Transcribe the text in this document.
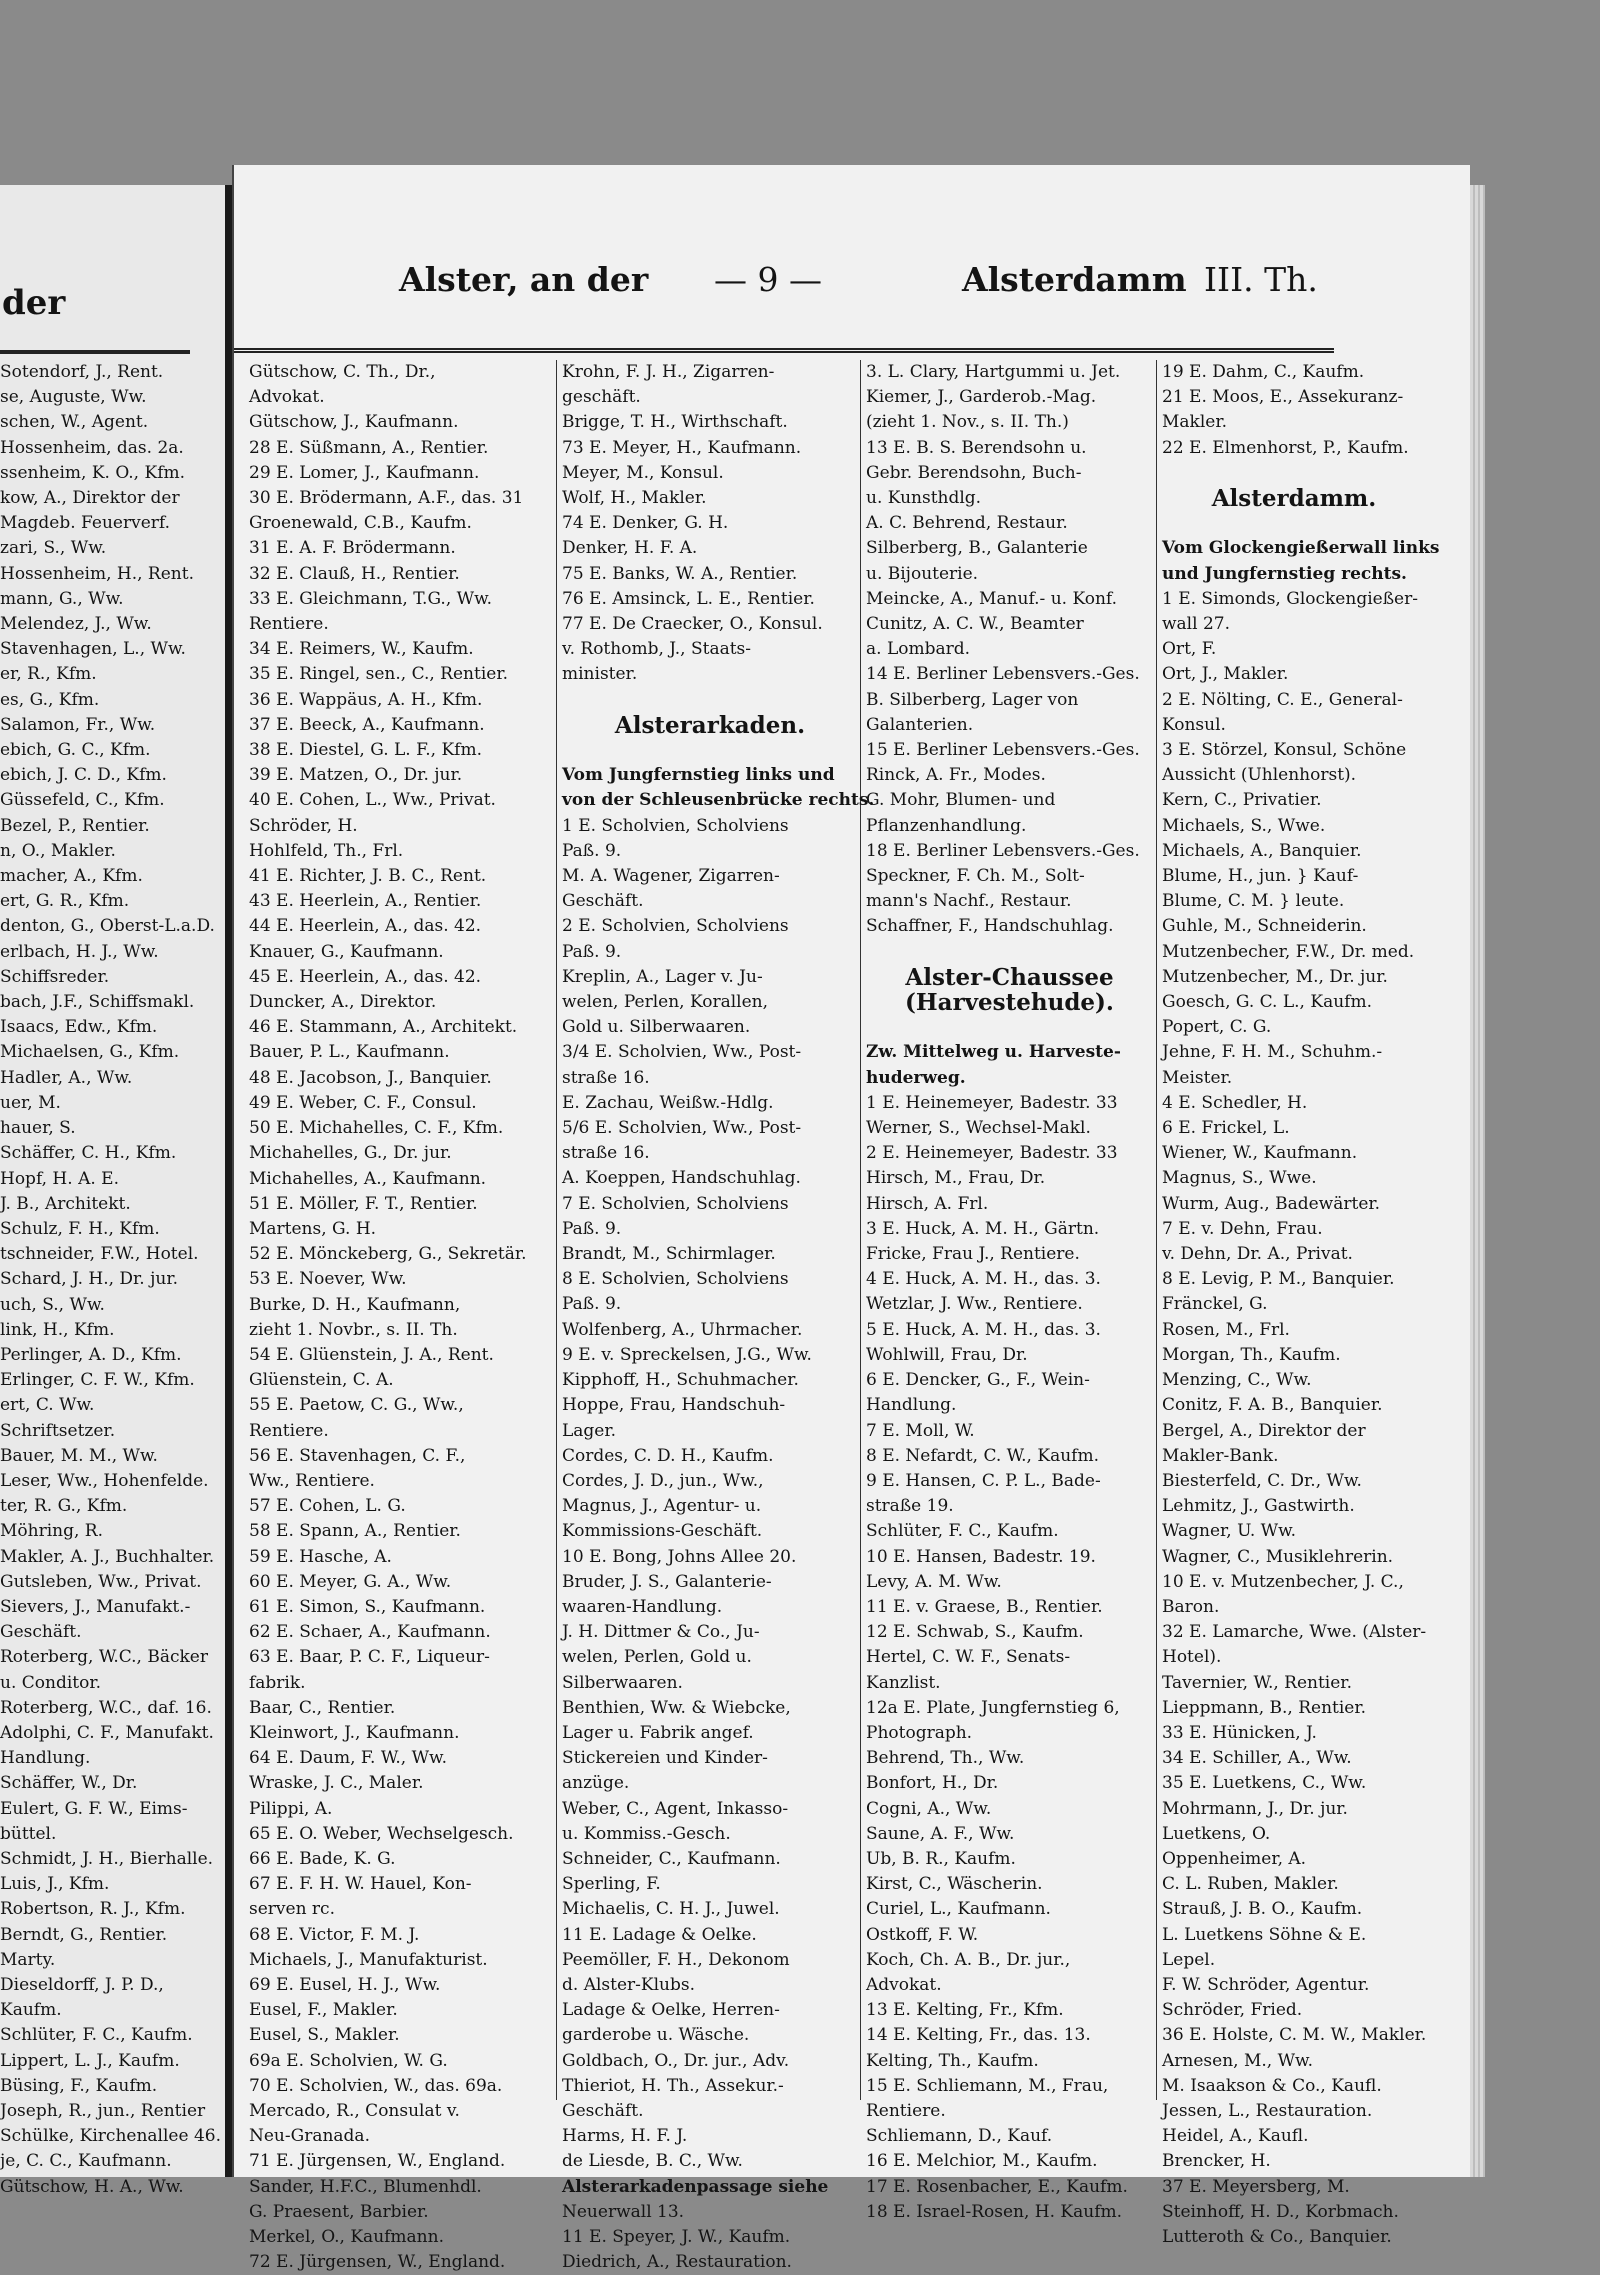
der
Sotendorf, J., Rent.
se, Auguste, Ww.
schen, W., Agent.
Hossenheim, das. 2a.
ssenheim, K. O., Kfm.
kow, A., Direktor der
Magdeb. Feuerverf.
zari, S., Ww.
Hossenheim, H., Rent.
mann, G., Ww.
Melendez, J., Ww.
Stavenhagen, L., Ww.
er, R., Kfm.
es, G., Kfm.
Salamon, Fr., Ww.
ebich, G. C., Kfm.
ebich, J. C. D., Kfm.
Güssefeld, C., Kfm.
Bezel, P., Rentier.
n, O., Makler.
macher, A., Kfm.
ert, G. R., Kfm.
denton, G., Oberst-L.a.D.
erlbach, H. J., Ww.
Schiffsreder.
bach, J.F., Schiffsmakl.
Isaacs, Edw., Kfm.
Michaelsen, G., Kfm.
Hadler, A., Ww.
uer, M.
hauer, S.
Schäffer, C. H., Kfm.
Hopf, H. A. E.
J. B., Architekt.
Schulz, F. H., Kfm.
tschneider, F.W., Hotel.
Schard, J. H., Dr. jur.
uch, S., Ww.
link, H., Kfm.
Perlinger, A. D., Kfm.
Erlinger, C. F. W., Kfm.
ert, C. Ww.
Schriftsetzer.
Bauer, M. M., Ww.
Leser, Ww., Hohenfelde.
ter, R. G., Kfm.
Möhring, R.
Makler, A. J., Buchhalter.
Gutsleben, Ww., Privat.
Sievers, J., Manufakt.-
Geschäft.
Roterberg, W.C., Bäcker
u. Conditor.
Roterberg, W.C., daf. 16.
Adolphi, C. F., Manufakt.
Handlung.
Schäffer, W., Dr.
Eulert, G. F. W., Eims-
büttel.
Schmidt, J. H., Bierhalle.
Luis, J., Kfm.
Robertson, R. J., Kfm.
Berndt, G., Rentier.
Marty.
Dieseldorff, J. P. D.,
Kaufm.
Schlüter, F. C., Kaufm.
Lippert, L. J., Kaufm.
Büsing, F., Kaufm.
Joseph, R., jun., Rentier
Schülke, Kirchenallee 46.
je, C. C., Kaufmann.
Gütschow, H. A., Ww.
Alster, an der — 9 —	Alsterdamm III. Th.
Gütschow, C. Th., Dr.,
Advokat.
Gütschow, J., Kaufmann.
28 E. Süßmann, A., Rentier.
29 E. Lomer, J., Kaufmann.
30 E. Brödermann, A.F., das. 31
Groenewald, C.B., Kaufm.
31 E. A. F. Brödermann.
32 E. Clauß, H., Rentier.
33 E. Gleichmann, T.G., Ww.
Rentiere.
34 E. Reimers, W., Kaufm.
35 E. Ringel, sen., C., Rentier.
36 E. Wappäus, A. H., Kfm.
37 E. Beeck, A., Kaufmann.
38 E. Diestel, G. L. F., Kfm.
39 E. Matzen, O., Dr. jur.
40 E. Cohen, L., Ww., Privat.
Schröder, H.
Hohlfeld, Th., Frl.
41 E. Richter, J. B. C., Rent.
43 E. Heerlein, A., Rentier.
44 E. Heerlein, A., das. 42.
Knauer, G., Kaufmann.
45 E. Heerlein, A., das. 42.
Duncker, A., Direktor.
46 E. Stammann, A., Architekt.
Bauer, P. L., Kaufmann.
48 E. Jacobson, J., Banquier.
49 E. Weber, C. F., Consul.
50 E. Michahelles, C. F., Kfm.
Michahelles, G., Dr. jur.
Michahelles, A., Kaufmann.
51 E. Möller, F. T., Rentier.
Martens, G. H.
52 E. Mönckeberg, G., Sekretär.
53 E. Noever, Ww.
Burke, D. H., Kaufmann,
zieht 1. Novbr., s. II. Th.
54 E. Glüenstein, J. A., Rent.
Glüenstein, C. A.
55 E. Paetow, C. G., Ww.,
Rentiere.
56 E. Stavenhagen, C. F.,
Ww., Rentiere.
57 E. Cohen, L. G.
58 E. Spann, A., Rentier.
59 E. Hasche, A.
60 E. Meyer, G. A., Ww.
61 E. Simon, S., Kaufmann.
62 E. Schaer, A., Kaufmann.
63 E. Baar, P. C. F., Liqueur-
fabrik.
Baar, C., Rentier.
Kleinwort, J., Kaufmann.
64 E. Daum, F. W., Ww.
Wraske, J. C., Maler.
Pilippi, A.
65 E. O. Weber, Wechselgesch.
66 E. Bade, K. G.
67 E. F. H. W. Hauel, Kon-
serven rc.
68 E. Victor, F. M. J.
Michaels, J., Manufakturist.
69 E. Eusel, H. J., Ww.
Eusel, F., Makler.
Eusel, S., Makler.
69a E. Scholvien, W. G.
70 E. Scholvien, W., das. 69a.
Mercado, R., Consulat v.
Neu-Granada.
71 E. Jürgensen, W., England.
Sander, H.F.C., Blumenhdl.
G. Praesent, Barbier.
Merkel, O., Kaufmann.
72 E. Jürgensen, W., England.
Krohn, F. J. H., Zigarren-
geschäft.
Brigge, T. H., Wirthschaft.
73 E. Meyer, H., Kaufmann.
Meyer, M., Konsul.
Wolf, H., Makler.
74 E. Denker, G. H.
Denker, H. F. A.
75 E. Banks, W. A., Rentier.
76 E. Amsinck, L. E., Rentier.
77 E. De Craecker, O., Konsul.
v. Rothomb, J., Staats-
minister.
Alsterarkaden.
Vom Jungfernstieg links und
von der Schleusenbrücke rechts.
1 E. Scholvien, Scholviens
Paß. 9.
M. A. Wagener, Zigarren-
Geschäft.
2 E. Scholvien, Scholviens
Paß. 9.
Kreplin, A., Lager v. Ju-
welen, Perlen, Korallen,
Gold u. Silberwaaren.
3/4 E. Scholvien, Ww., Post-
straße 16.
E. Zachau, Weißw.-Hdlg.
5/6 E. Scholvien, Ww., Post-
straße 16.
A. Koeppen, Handschuhlag.
7 E. Scholvien, Scholviens
Paß. 9.
Brandt, M., Schirmlager.
8 E. Scholvien, Scholviens
Paß. 9.
Wolfenberg, A., Uhrmacher.
9 E. v. Spreckelsen, J.G., Ww.
Kipphoff, H., Schuhmacher.
Hoppe, Frau, Handschuh-
Lager.
Cordes, C. D. H., Kaufm.
Cordes, J. D., jun., Ww.,
Magnus, J., Agentur- u.
Kommissions-Geschäft.
10 E. Bong, Johns Allee 20.
Bruder, J. S., Galanterie-
waaren-Handlung.
J. H. Dittmer & Co., Ju-
welen, Perlen, Gold u.
Silberwaaren.
Benthien, Ww. & Wiebcke,
Lager u. Fabrik angef.
Stickereien und Kinder-
anzüge.
Weber, C., Agent, Inkasso-
u. Kommiss.-Gesch.
Schneider, C., Kaufmann.
Sperling, F.
Michaelis, C. H. J., Juwel.
11 E. Ladage & Oelke.
Peemöller, F. H., Dekonom
d. Alster-Klubs.
Ladage & Oelke, Herren-
garderobe u. Wäsche.
Goldbach, O., Dr. jur., Adv.
Thieriot, H. Th., Assekur.-
Geschäft.
Harms, H. F. J.
de Liesde, B. C., Ww.
Alsterarkadenpassage siehe
Neuerwall 13.
11 E. Speyer, J. W., Kaufm.
Diedrich, A., Restauration.
3. L. Clary, Hartgummi u. Jet.
Kiemer, J., Garderob.-Mag.
(zieht 1. Nov., s. II. Th.)
13 E. B. S. Berendsohn u.
Gebr. Berendsohn, Buch-
u. Kunsthdlg.
A. C. Behrend, Restaur.
Silberberg, B., Galanterie
u. Bijouterie.
Meincke, A., Manuf.- u. Konf.
Cunitz, A. C. W., Beamter
a. Lombard.
14 E. Berliner Lebensvers.-Ges.
B. Silberberg, Lager von
Galanterien.
15 E. Berliner Lebensvers.-Ges.
Rinck, A. Fr., Modes.
G. Mohr, Blumen- und
Pflanzenhandlung.
18 E. Berliner Lebensvers.-Ges.
Speckner, F. Ch. M., Solt-
mann's Nachf., Restaur.
Schaffner, F., Handschuhlag.
Alster-Chaussee
(Harvestehude).
Zw. Mittelweg u. Harveste-
huderweg.
1 E. Heinemeyer, Badestr. 33
Werner, S., Wechsel-Makl.
2 E. Heinemeyer, Badestr. 33
Hirsch, M., Frau, Dr.
Hirsch, A. Frl.
3 E. Huck, A. M. H., Gärtn.
Fricke, Frau J., Rentiere.
4 E. Huck, A. M. H., das. 3.
Wetzlar, J. Ww., Rentiere.
5 E. Huck, A. M. H., das. 3.
Wohlwill, Frau, Dr.
6 E. Dencker, G., F., Wein-
Handlung.
7 E. Moll, W.
8 E. Nefardt, C. W., Kaufm.
9 E. Hansen, C. P. L., Bade-
straße 19.
Schlüter, F. C., Kaufm.
10 E. Hansen, Badestr. 19.
Levy, A. M. Ww.
11 E. v. Graese, B., Rentier.
12 E. Schwab, S., Kaufm.
Hertel, C. W. F., Senats-
Kanzlist.
12a E. Plate, Jungfernstieg 6,
Photograph.
Behrend, Th., Ww.
Bonfort, H., Dr.
Cogni, A., Ww.
Saune, A. F., Ww.
Ub, B. R., Kaufm.
Kirst, C., Wäscherin.
Curiel, L., Kaufmann.
Ostkoff, F. W.
Koch, Ch. A. B., Dr. jur.,
Advokat.
13 E. Kelting, Fr., Kfm.
14 E. Kelting, Fr., das. 13.
Kelting, Th., Kaufm.
15 E. Schliemann, M., Frau,
Rentiere.
Schliemann, D., Kauf.
16 E. Melchior, M., Kaufm.
17 E. Rosenbacher, E., Kaufm.
18 E. Israel-Rosen, H. Kaufm.
19 E. Dahm, C., Kaufm.
21 E. Moos, E., Assekuranz-
Makler.
22 E. Elmenhorst, P., Kaufm.
Alsterdamm.
Vom Glockengießerwall links
und Jungfernstieg rechts.
1 E. Simonds, Glockengießer-
wall 27.
Ort, F.
Ort, J., Makler.
2 E. Nölting, C. E., General-
Konsul.
3 E. Störzel, Konsul, Schöne
Aussicht (Uhlenhorst).
Kern, C., Privatier.
Michaels, S., Wwe.
Michaels, A., Banquier.
Blume, H., jun. } Kauf-
Blume, C. M. } leute.
Guhle, M., Schneiderin.
Mutzenbecher, F.W., Dr. med.
Mutzenbecher, M., Dr. jur.
Goesch, G. C. L., Kaufm.
Popert, C. G.
Jehne, F. H. M., Schuhm.-
Meister.
4 E. Schedler, H.
6 E. Frickel, L.
Wiener, W., Kaufmann.
Magnus, S., Wwe.
Wurm, Aug., Badewärter.
7 E. v. Dehn, Frau.
v. Dehn, Dr. A., Privat.
8 E. Levig, P. M., Banquier.
Fränckel, G.
Rosen, M., Frl.
Morgan, Th., Kaufm.
Menzing, C., Ww.
Conitz, F. A. B., Banquier.
Bergel, A., Direktor der
Makler-Bank.
Biesterfeld, C. Dr., Ww.
Lehmitz, J., Gastwirth.
Wagner, U. Ww.
Wagner, C., Musiklehrerin.
10 E. v. Mutzenbecher, J. C.,
Baron.
32 E. Lamarche, Wwe. (Alster-
Hotel).
Tavernier, W., Rentier.
Lieppmann, B., Rentier.
33 E. Hünicken, J.
34 E. Schiller, A., Ww.
35 E. Luetkens, C., Ww.
Mohrmann, J., Dr. jur.
Luetkens, O.
Oppenheimer, A.
C. L. Ruben, Makler.
Strauß, J. B. O., Kaufm.
L. Luetkens Söhne & E.
Lepel.
F. W. Schröder, Agentur.
Schröder, Fried.
36 E. Holste, C. M. W., Makler.
Arnesen, M., Ww.
M. Isaakson & Co., Kaufl.
Jessen, L., Restauration.
Heidel, A., Kaufl.
Brencker, H.
37 E. Meyersberg, M.
Steinhoff, H. D., Korbmach.
Lutteroth & Co., Banquier.
